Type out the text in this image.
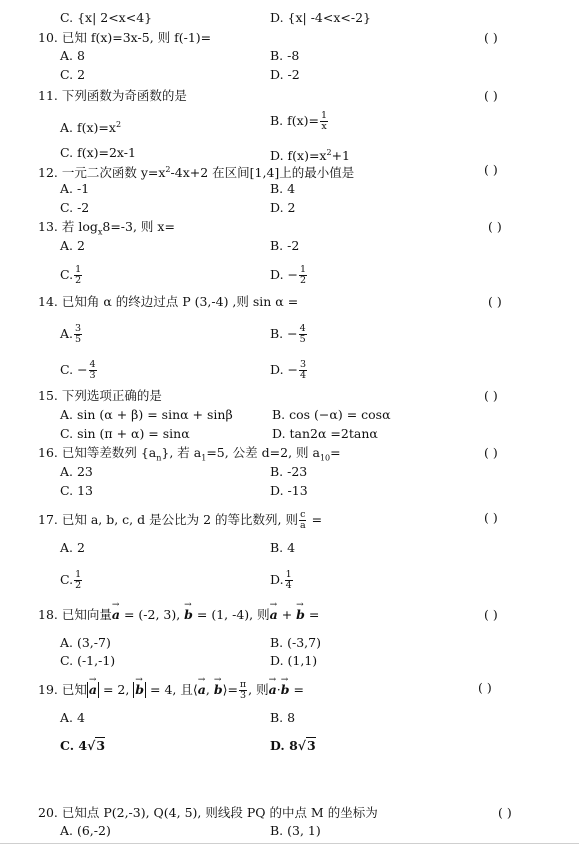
C. {x| 2<x<4}	D. {x| -4<x<-2}
10. 已知 f(x)=3x-5, 则 f(-1)=	( )
A. 8	B. -8
C. 2	D. -2
11. 下列函数为奇函数的是	( )
A. $f(x)=x^2$	B. $f(x)= \frac{1}{x}$
C. f(x)=2x-1	D. $f(x)=x^2+1$
12. 一元二次函数 $y=x^2-4x+2$ 在区间[1,4]上的最小值是	( )
A. -1	B. 4
C. -2	D. 2
13. 若 $\log_x8=-3$, 则 x=	( )
A. 2	B. -2
C. $\frac{1}{2}$	D. − $\frac{1}{2}$
14. 已知角 α 的终边过点 P (3,-4) ,则 sin α =	( )
A. $\frac{3}{5}$	B. − $\frac{4}{5}$
C. − $\frac{4}{3}$	D. − $\frac{3}{4}$
15. 下列选项正确的是	( )
A. sin (α + β) = sinα + sinβ	B. cos (−α) = cosα
C. sin (π + α) = sinα	D. tan2α =2tanα
16. 已知等差数列 $\{a_n\}$, 若 $a_1=5$, 公差 d=2, 则 $a_{10}=$	( )
A. 23	B. -23
C. 13	D. -13
17. 已知 a, b, c, d 是公比为 2 的等比数列, 则 $\frac{c}{a}$ =	( )
A. 2	B. 4
C. $\frac{1}{2}$	D. $\frac{1}{4}$
18. 已知向量→ a = (-2, 3), → b = (1, -4), 则→ a + → b =	( )
A. (3,-7)	B. (-3,7)
C. (-1,-1)	D. (1,1)
19. 已知→ a = 2, → b = 4, 且⟨→ a, → b⟩= $\frac{\pi}{3}$ , 则→ a·→ b =	( )
A. 4	B. 8
C. 4√3	D. 8√3
20. 已知点 P(2,-3), Q(4, 5), 则线段 PQ 的中点 M 的坐标为	( )
A. (6,-2)	B. (3, 1)
